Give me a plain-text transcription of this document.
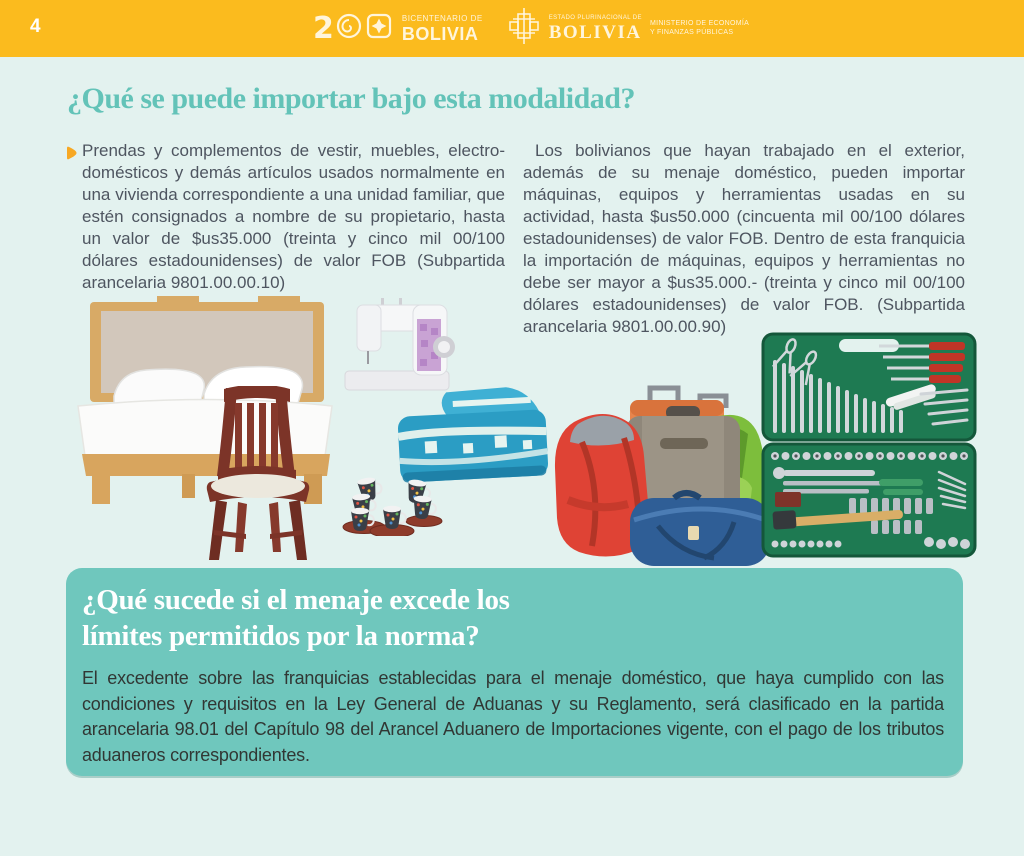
4	2	BICENTENARIO DE
BOLIVIA
ESTADO PLURINACIONAL DE
BOLIVIA MINISTERIO DE ECONOMÍA
Y FINANZAS PÚBLICAS
¿Qué se puede importar bajo esta modalidad?

Prendas y complementos de vestir, muebles, electro-domésticos y demás artículos usados normalmente en una vivienda correspondiente a una unidad familiar, que estén consignados a nombre de su propietario, hasta un valor de $us35.000 (treinta y cinco mil 00/100 dólares estadounidenses) de valor FOB (Subpartida arancelaria 9801.00.00.10)

Los bolivianos que hayan trabajado en el exterior, además de su menaje doméstico, pueden importar máquinas, equipos y herramientas usadas en su actividad, hasta $us50.000 (cincuenta mil 00/100 dólares estadounidenses) de valor FOB. Dentro de esta franquicia la importación de máquinas, equipos y herramientas no debe ser mayor a $us35.000.- (treinta y cinco mil 00/100 dólares estadounidenses) de valor FOB. (Subpartida arancelaria 9801.00.00.90)

¿Qué sucede si el menaje excede los
límites permitidos por la norma?

El excedente sobre las franquicias establecidas para el menaje doméstico, que haya cumplido con las condiciones y requisitos en la Ley General de Aduanas y su Reglamento, será clasificado en la partida arancelaria 98.01 del Capítulo 98 del Arancel Aduanero de Importaciones vigente, con el pago de los tributos aduaneros correspondientes.
